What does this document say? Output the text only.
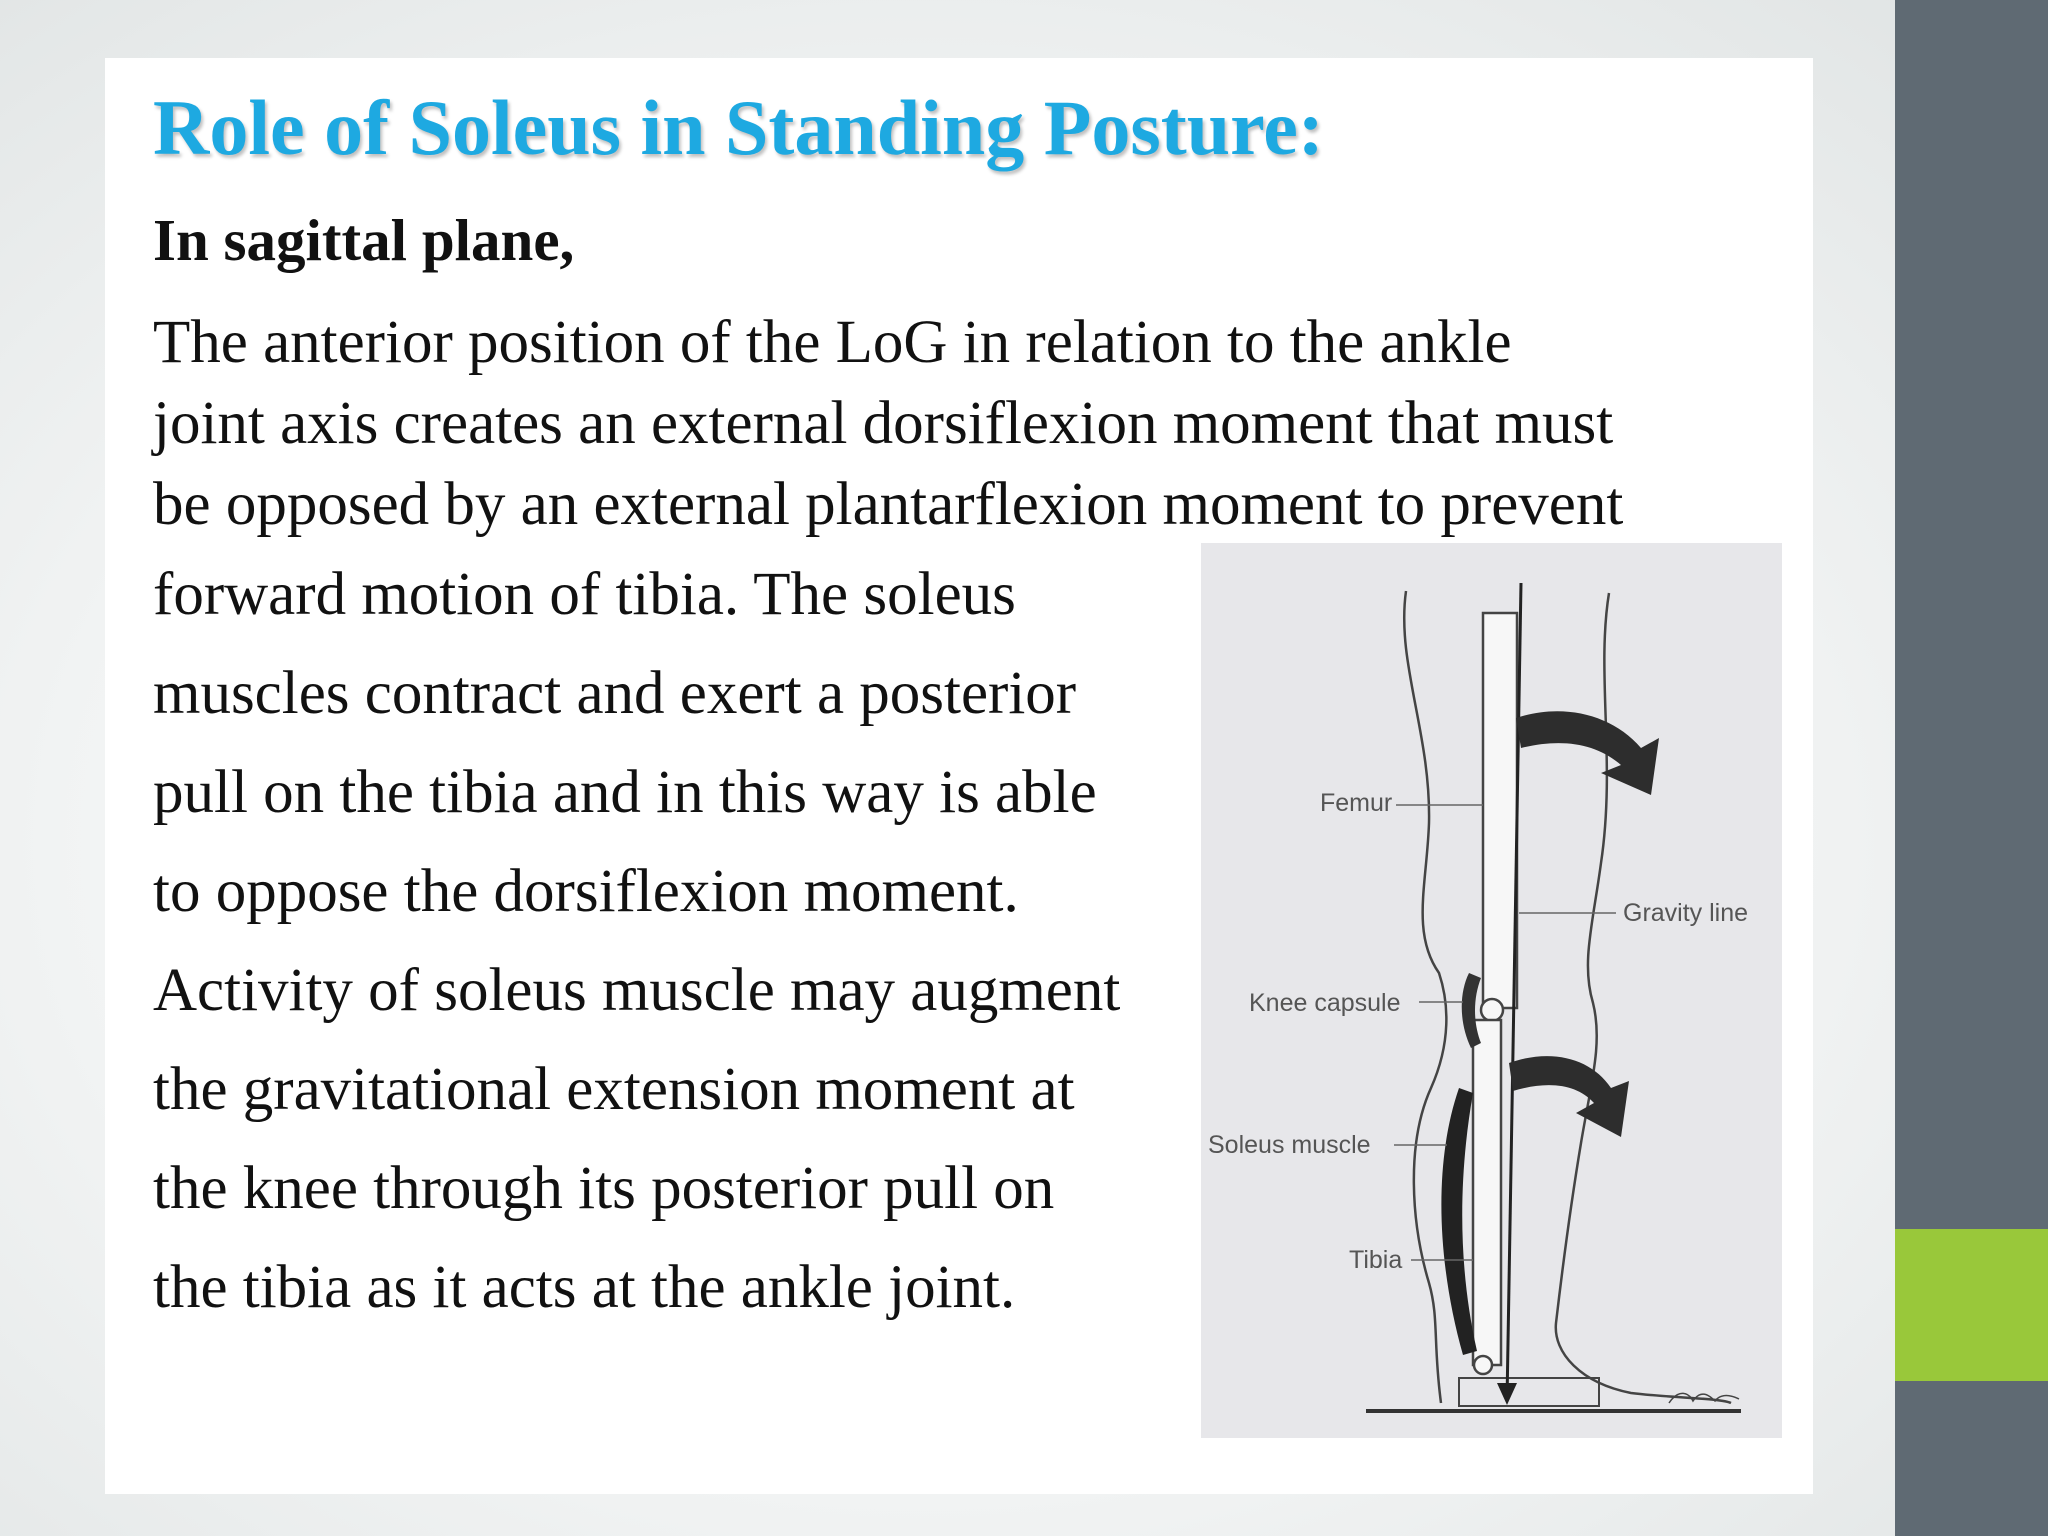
Role of Soleus in Standing Posture:
In sagittal plane,
The anterior position of the LoG in relation to the ankle
joint axis creates an external dorsiflexion moment that must
be opposed by an external plantarflexion moment to prevent
forward motion of tibia. The soleus
muscles contract and exert a posterior
pull on the tibia and in this way is able
to oppose the dorsiflexion moment.
Activity of soleus muscle may augment
the gravitational extension moment at
the knee through its posterior pull on
the tibia as it acts at the ankle joint.
Femur
Gravity line
Knee capsule
Soleus muscle
Tibia
